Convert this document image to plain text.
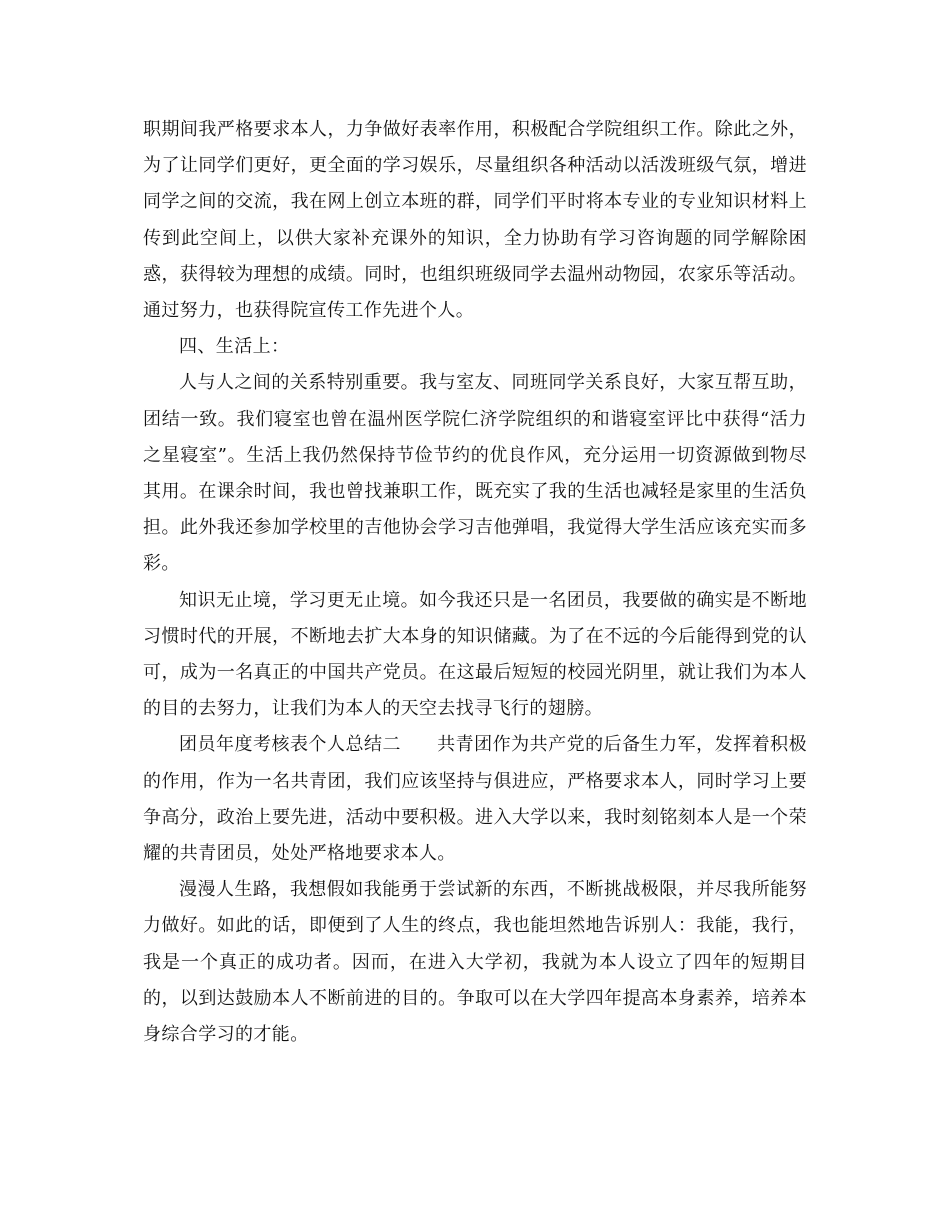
职期间我严格要求本人，力争做好表率作用，积极配合学院组织工作。除此之外，为了让同学们更好，更全面的学习娱乐，尽量组织各种活动以活泼班级气氛，增进同学之间的交流，我在网上创立本班的群，同学们平时将本专业的专业知识材料上传到此空间上，以供大家补充课外的知识，全力协助有学习咨询题的同学解除困惑，获得较为理想的成绩。同时，也组织班级同学去温州动物园，农家乐等活动。通过努力，也获得院宣传工作先进个人。

四、生活上：

人与人之间的关系特别重要。我与室友、同班同学关系良好，大家互帮互助，团结一致。我们寝室也曾在温州医学院仁济学院组织的和谐寝室评比中获得“活力之星寝室”。生活上我仍然保持节俭节约的优良作风，充分运用一切资源做到物尽其用。在课余时间，我也曾找兼职工作，既充实了我的生活也减轻是家里的生活负担。此外我还参加学校里的吉他协会学习吉他弹唱，我觉得大学生活应该充实而多彩。

知识无止境，学习更无止境。如今我还只是一名团员，我要做的确实是不断地习惯时代的开展，不断地去扩大本身的知识储藏。为了在不远的今后能得到党的认可，成为一名真正的中国共产党员。在这最后短短的校园光阴里，就让我们为本人的目的去努力，让我们为本人的天空去找寻飞行的翅膀。

团员年度考核表个人总结二 共青团作为共产党的后备生力军，发挥着积极的作用，作为一名共青团，我们应该坚持与俱进应，严格要求本人，同时学习上要争高分，政治上要先进，活动中要积极。进入大学以来，我时刻铭刻本人是一个荣耀的共青团员，处处严格地要求本人。

漫漫人生路，我想假如我能勇于尝试新的东西，不断挑战极限，并尽我所能努力做好。如此的话，即便到了人生的终点，我也能坦然地告诉别人：我能，我行，我是一个真正的成功者。因而，在进入大学初，我就为本人设立了四年的短期目的，以到达鼓励本人不断前进的目的。争取可以在大学四年提高本身素养，培养本身综合学习的才能。
